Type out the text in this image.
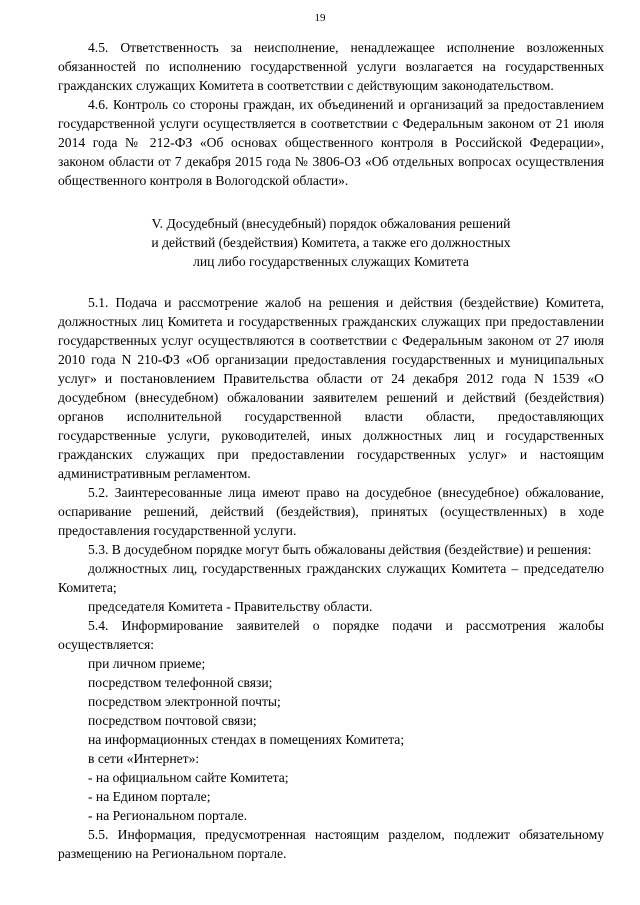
19

4.5. Ответственность за неисполнение, ненадлежащее исполнение возложенных обязанностей по исполнению государственной услуги возлагается на государственных гражданских служащих Комитета в соответствии с действующим законодательством.

4.6. Контроль со стороны граждан, их объединений и организаций за предоставлением государственной услуги осуществляется в соответствии с Федеральным законом от 21 июля 2014 года № 212-ФЗ «Об основах общественного контроля в Российской Федерации», законом области от 7 декабря 2015 года № 3806-ОЗ «Об отдельных вопросах осуществления общественного контроля в Вологодской области».

V. Досудебный (внесудебный) порядок обжалования решений
и действий (бездействия) Комитета, а также его должностных
лиц либо государственных служащих Комитета

5.1. Подача и рассмотрение жалоб на решения и действия (бездействие) Комитета, должностных лиц Комитета и государственных гражданских служащих при предоставлении государственных услуг осуществляются в соответствии с Федеральным законом от 27 июля 2010 года N 210-ФЗ «Об организации предоставления государственных и муниципальных услуг» и постановлением Правительства области от 24 декабря 2012 года N 1539 «О досудебном (внесудебном) обжаловании заявителем решений и действий (бездействия) органов исполнительной государственной власти области, предоставляющих государственные услуги, руководителей, иных должностных лиц и государственных гражданских служащих при предоставлении государственных услуг» и настоящим административным регламентом.

5.2. Заинтересованные лица имеют право на досудебное (внесудебное) обжалование, оспаривание решений, действий (бездействия), принятых (осуществленных) в ходе предоставления государственной услуги.

5.3. В досудебном порядке могут быть обжалованы действия (бездействие) и решения:

должностных лиц, государственных гражданских служащих Комитета – председателю Комитета;

председателя Комитета - Правительству области.

5.4. Информирование заявителей о порядке подачи и рассмотрения жалобы осуществляется:

при личном приеме;

посредством телефонной связи;

посредством электронной почты;

посредством почтовой связи;

на информационных стендах в помещениях Комитета;

в сети «Интернет»:

- на официальном сайте Комитета;

- на Едином портале;

- на Региональном портале.

5.5. Информация, предусмотренная настоящим разделом, подлежит обязательному размещению на Региональном портале.
